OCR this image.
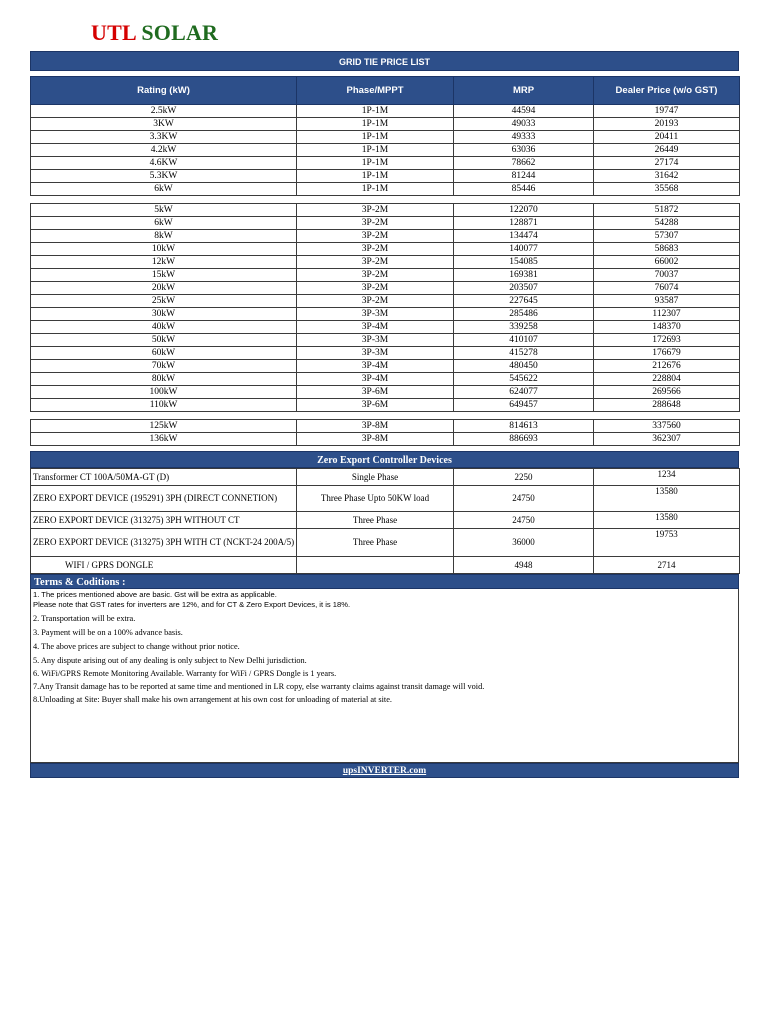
UTL SOLAR
GRID TIE PRICE LIST
Rating (kW)	Phase/MPPT	MRP	Dealer Price (w/o GST)
2.5kW	1P-1M	44594	19747
3KW	1P-1M	49033	20193
3.3KW	1P-1M	49333	20411
4.2kW	1P-1M	63036	26449
4.6KW	1P-1M	78662	27174
5.3KW	1P-1M	81244	31642
6kW	1P-1M	85446	35568
5kW	3P-2M	122070	51872
6kW	3P-2M	128871	54288
8kW	3P-2M	134474	57307
10kW	3P-2M	140077	58683
12kW	3P-2M	154085	66002
15kW	3P-2M	169381	70037
20kW	3P-2M	203507	76074
25kW	3P-2M	227645	93587
30kW	3P-3M	285486	112307
40kW	3P-4M	339258	148370
50kW	3P-3M	410107	172693
60kW	3P-3M	415278	176679
70kW	3P-4M	480450	212676
80kW	3P-4M	545622	228804
100kW	3P-6M	624077	269566
110kW	3P-6M	649457	288648
125kW	3P-8M	814613	337560
136kW	3P-8M	886693	362307
Zero Export Controller Devices
Transformer CT 100A/50MA-GT (D)	Single Phase	2250	1234
ZERO EXPORT DEVICE (195291) 3PH (DIRECT CONNETION)	Three Phase Upto 50KW load	24750	13580
ZERO EXPORT DEVICE (313275) 3PH WITHOUT CT	Three Phase	24750	13580
ZERO EXPORT DEVICE (313275) 3PH WITH CT (NCKT-24 200A/5)	Three Phase	36000	19753
WIFI / GPRS DONGLE		4948	2714
Terms & Coditions :
1. The prices mentioned above are basic. Gst will be extra as applicable.
Please note that GST rates for inverters are 12%, and for CT & Zero Export Devices, it is 18%.
2. Transportation will be extra.
3. Payment will be on a 100% advance basis.
4. The above prices are subject to change without prior notice.
5. Any dispute arising out of any dealing is only subject to New Delhi jurisdiction.
6. WiFi/GPRS Remote Monitoring Available. Warranty for WiFi / GPRS Dongle is 1 years.
7.Any Transit damage has to be reported at same time and mentioned in LR copy, else warranty claims against transit damage will void.
8.Unloading at Site: Buyer shall make his own arrangement at his own cost for unloading of material at site.
upsINVERTER.com
